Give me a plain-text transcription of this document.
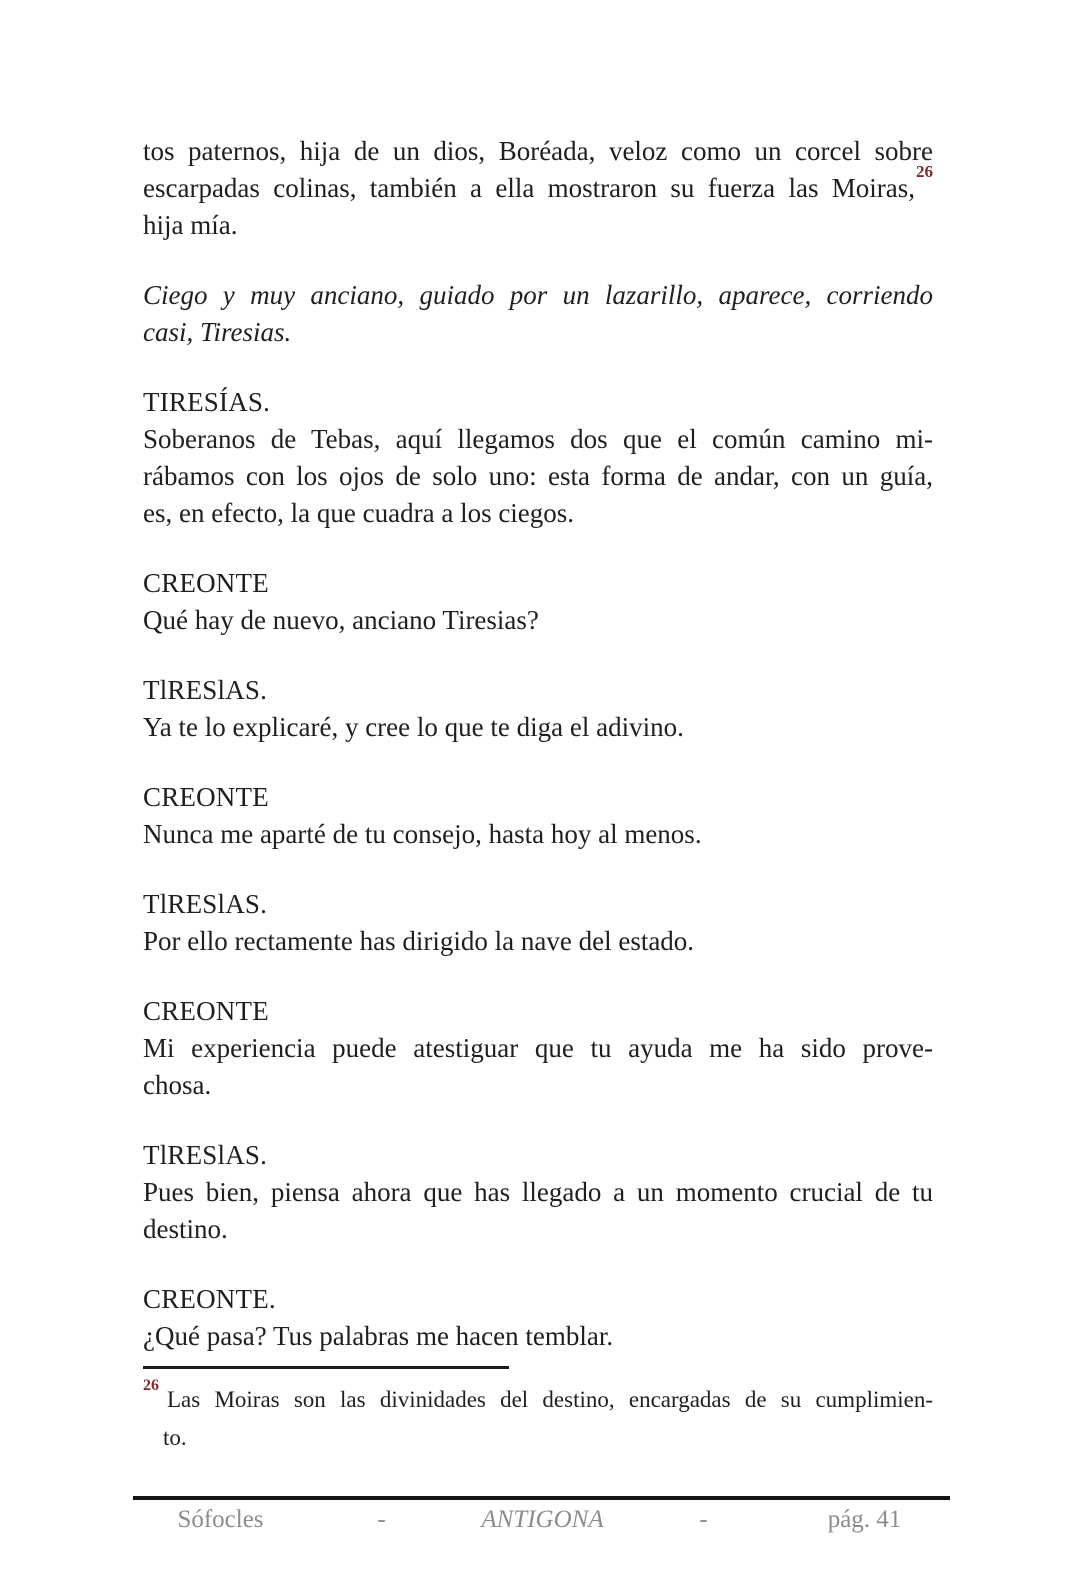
tos paternos, hija de un dios, Boréada, veloz como un corcel sobre
escarpadas colinas, también a ella mostraron su fuerza las Moiras,$^{26}$
hija mía.
Ciego y muy anciano, guiado por un lazarillo, aparece, corriendo
casi, Tiresias.
TIRESÍAS.
Soberanos de Tebas, aquí llegamos dos que el común camino mi-
rábamos con los ojos de solo uno: esta forma de andar, con un guía,
es, en efecto, la que cuadra a los ciegos.
CREONTE
Qué hay de nuevo, anciano Tiresias?
TlRESlAS.
Ya te lo explicaré, y cree lo que te diga el adivino.
CREONTE
Nunca me aparté de tu consejo, hasta hoy al menos.
TlRESlAS.
Por ello rectamente has dirigido la nave del estado.
CREONTE
Mi experiencia puede atestiguar que tu ayuda me ha sido prove-
chosa.
TlRESlAS.
Pues bien, piensa ahora que has llegado a un momento crucial de tu
destino.
CREONTE.
¿Qué pasa? Tus palabras me hacen temblar.
$^{26}$Las Moiras son las divinidades del destino, encargadas de su cumplimien-
to.
Sófocles	-	ANTIGONA	-	pág. 41
